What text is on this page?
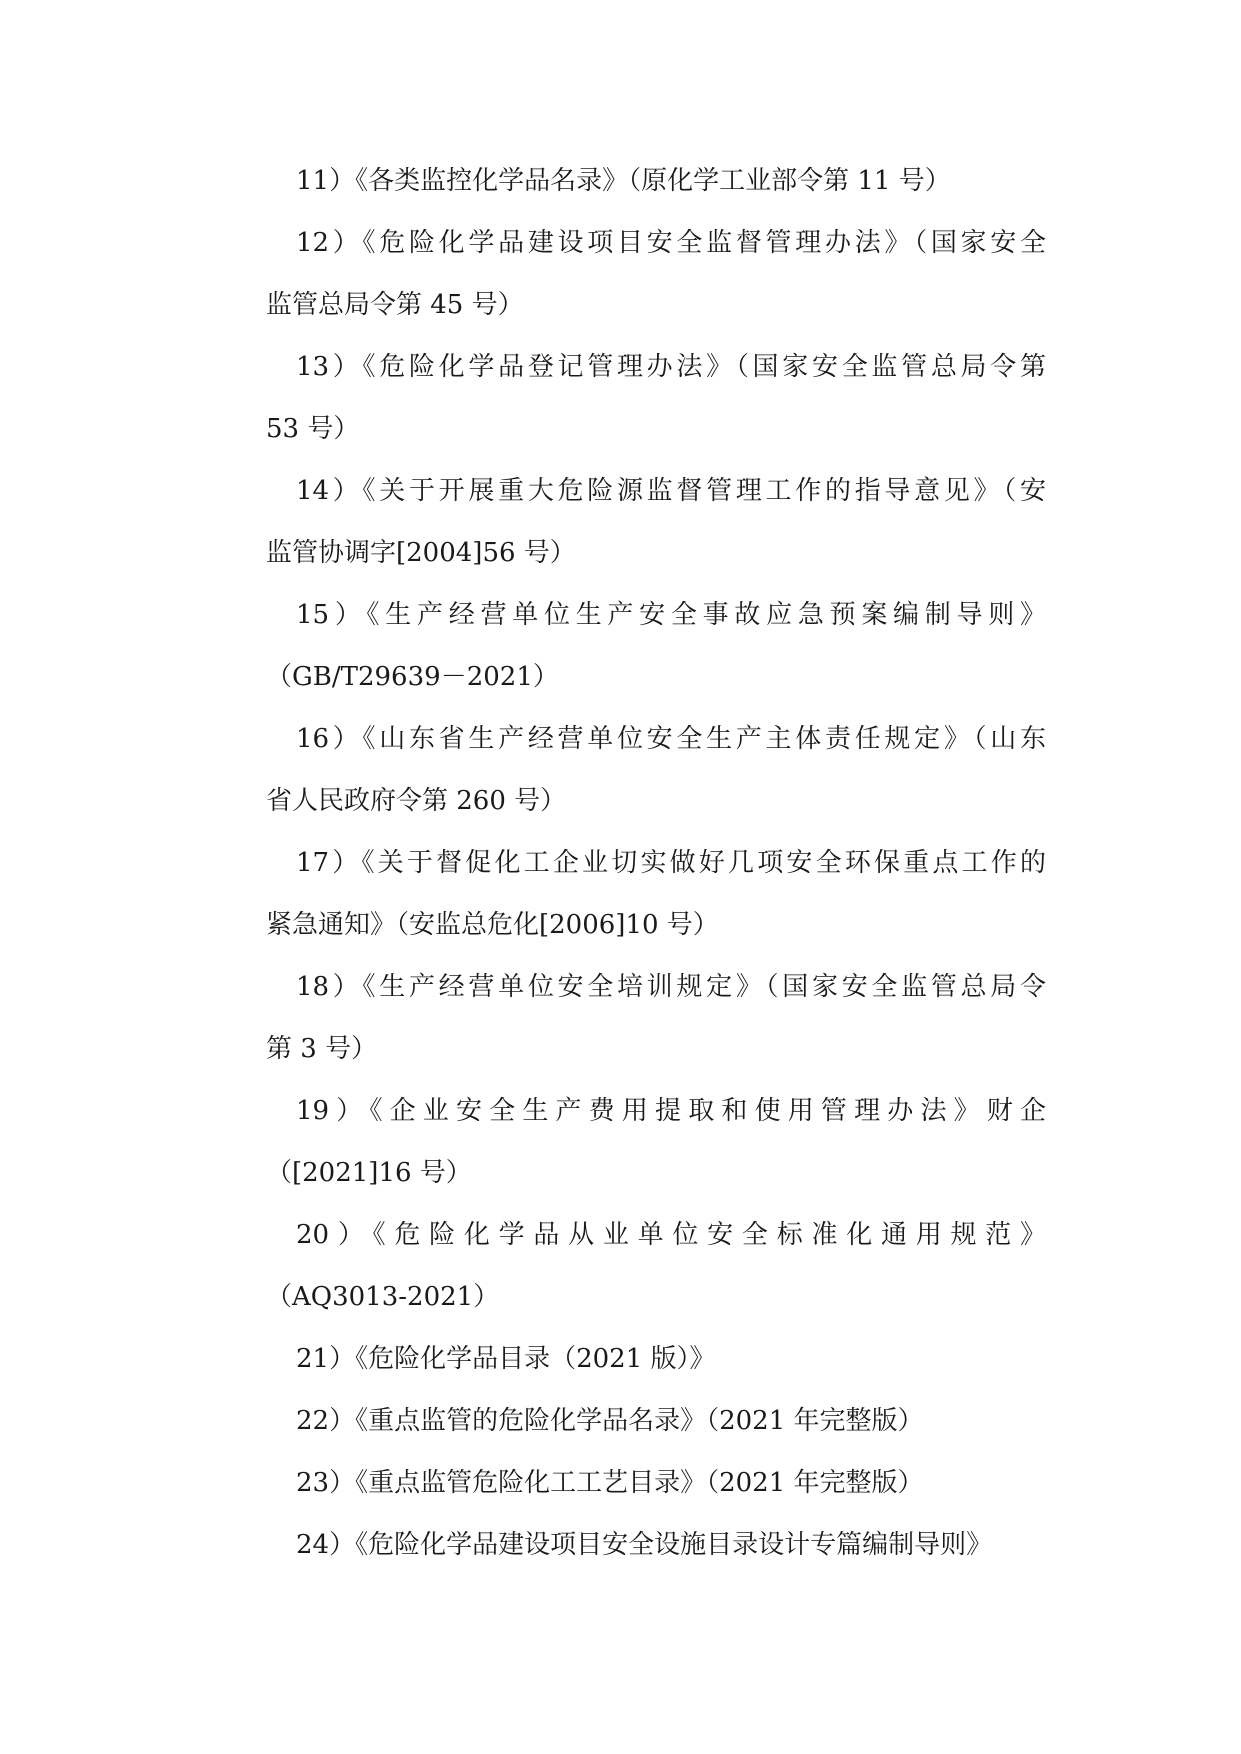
11）《各类监控化学品名录》（原化学工业部令第 11 号）
12）《危险化学品建设项目安全监督管理办法》（国家安全
监管总局令第 45 号）
13）《危险化学品登记管理办法》（国家安全监管总局令第
53 号）
14）《关于开展重大危险源监督管理工作的指导意见》（安
监管协调字[2004]56 号）
15）《生产经营单位生产安全事故应急预案编制导则》
（GB/T29639－2021）
16）《山东省生产经营单位安全生产主体责任规定》（山东
省人民政府令第 260 号）
17）《关于督促化工企业切实做好几项安全环保重点工作的
紧急通知》（安监总危化[2006]10 号）
18）《生产经营单位安全培训规定》（国家安全监管总局令
第 3 号）
19）《企业安全生产费用提取和使用管理办法》财企
（[2021]16 号）
20）《危险化学品从业单位安全标准化通用规范》
（AQ3013-2021）
21）《危险化学品目录（2021 版）》
22）《重点监管的危险化学品名录》（2021 年完整版）
23）《重点监管危险化工工艺目录》（2021 年完整版）
24）《危险化学品建设项目安全设施目录设计专篇编制导则》
